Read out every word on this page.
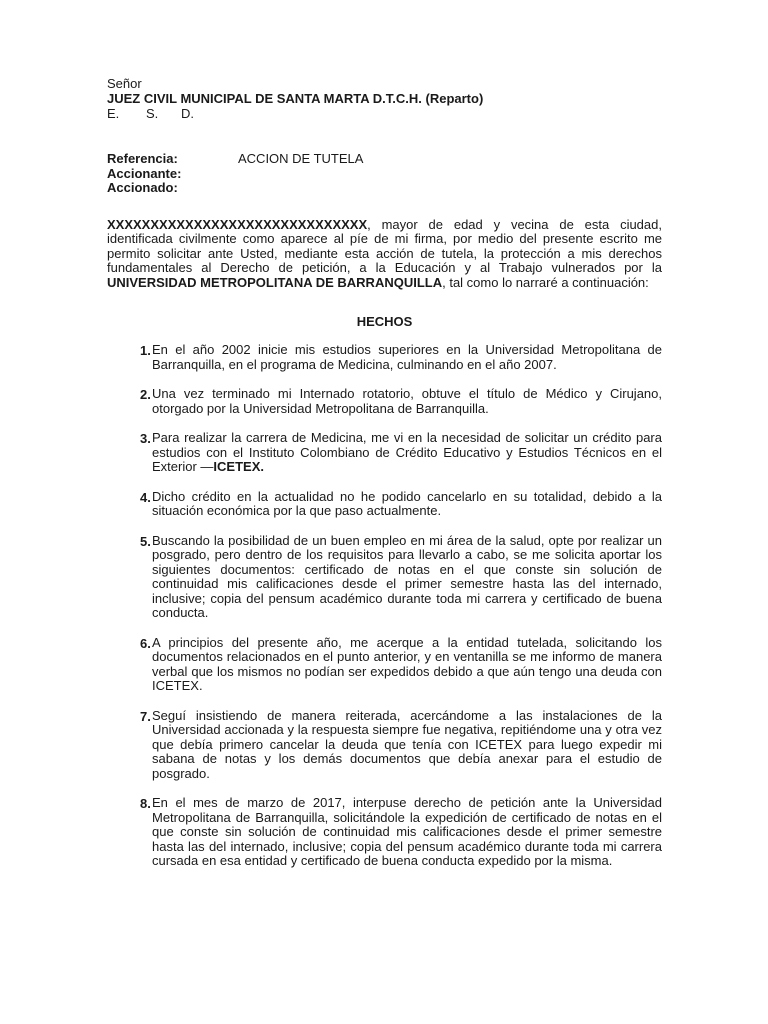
Señor
JUEZ CIVIL MUNICIPAL DE SANTA MARTA D.T.C.H. (Reparto)
E. S. D.
Referencia:	ACCION DE TUTELA
Accionante:
Accionado:
XXXXXXXXXXXXXXXXXXXXXXXXXXXXXX, mayor de edad y vecina de esta ciudad, identificada civilmente como aparece al píe de mi firma, por medio del presente escrito me permito solicitar ante Usted, mediante esta acción de tutela, la protección a mis derechos fundamentales al Derecho de petición, a la Educación y al Trabajo vulnerados por la UNIVERSIDAD METROPOLITANA DE BARRANQUILLA, tal como lo narraré a continuación:
HECHOS
1. En el año 2002 inicie mis estudios superiores en la Universidad Metropolitana de Barranquilla, en el programa de Medicina, culminando en el año 2007.
2. Una vez terminado mi Internado rotatorio, obtuve el título de Médico y Cirujano, otorgado por la Universidad Metropolitana de Barranquilla.
3. Para realizar la carrera de Medicina, me vi en la necesidad de solicitar un crédito para estudios con el Instituto Colombiano de Crédito Educativo y Estudios Técnicos en el Exterior —ICETEX.
4. Dicho crédito en la actualidad no he podido cancelarlo en su totalidad, debido a la situación económica por la que paso actualmente.
5. Buscando la posibilidad de un buen empleo en mi área de la salud, opte por realizar un posgrado, pero dentro de los requisitos para llevarlo a cabo, se me solicita aportar los siguientes documentos: certificado de notas en el que conste sin solución de continuidad mis calificaciones desde el primer semestre hasta las del internado, inclusive; copia del pensum académico durante toda mi carrera y certificado de buena conducta.
6. A principios del presente año, me acerque a la entidad tutelada, solicitando los documentos relacionados en el punto anterior, y en ventanilla se me informo de manera verbal que los mismos no podían ser expedidos debido a que aún tengo una deuda con ICETEX.
7. Seguí insistiendo de manera reiterada, acercándome a las instalaciones de la Universidad accionada y la respuesta siempre fue negativa, repitiéndome una y otra vez que debía primero cancelar la deuda que tenía con ICETEX para luego expedir mi sabana de notas y los demás documentos que debía anexar para el estudio de posgrado.
8. En el mes de marzo de 2017, interpuse derecho de petición ante la Universidad Metropolitana de Barranquilla, solicitándole la expedición de certificado de notas en el que conste sin solución de continuidad mis calificaciones desde el primer semestre hasta las del internado, inclusive; copia del pensum académico durante toda mi carrera cursada en esa entidad y certificado de buena conducta expedido por la misma.
